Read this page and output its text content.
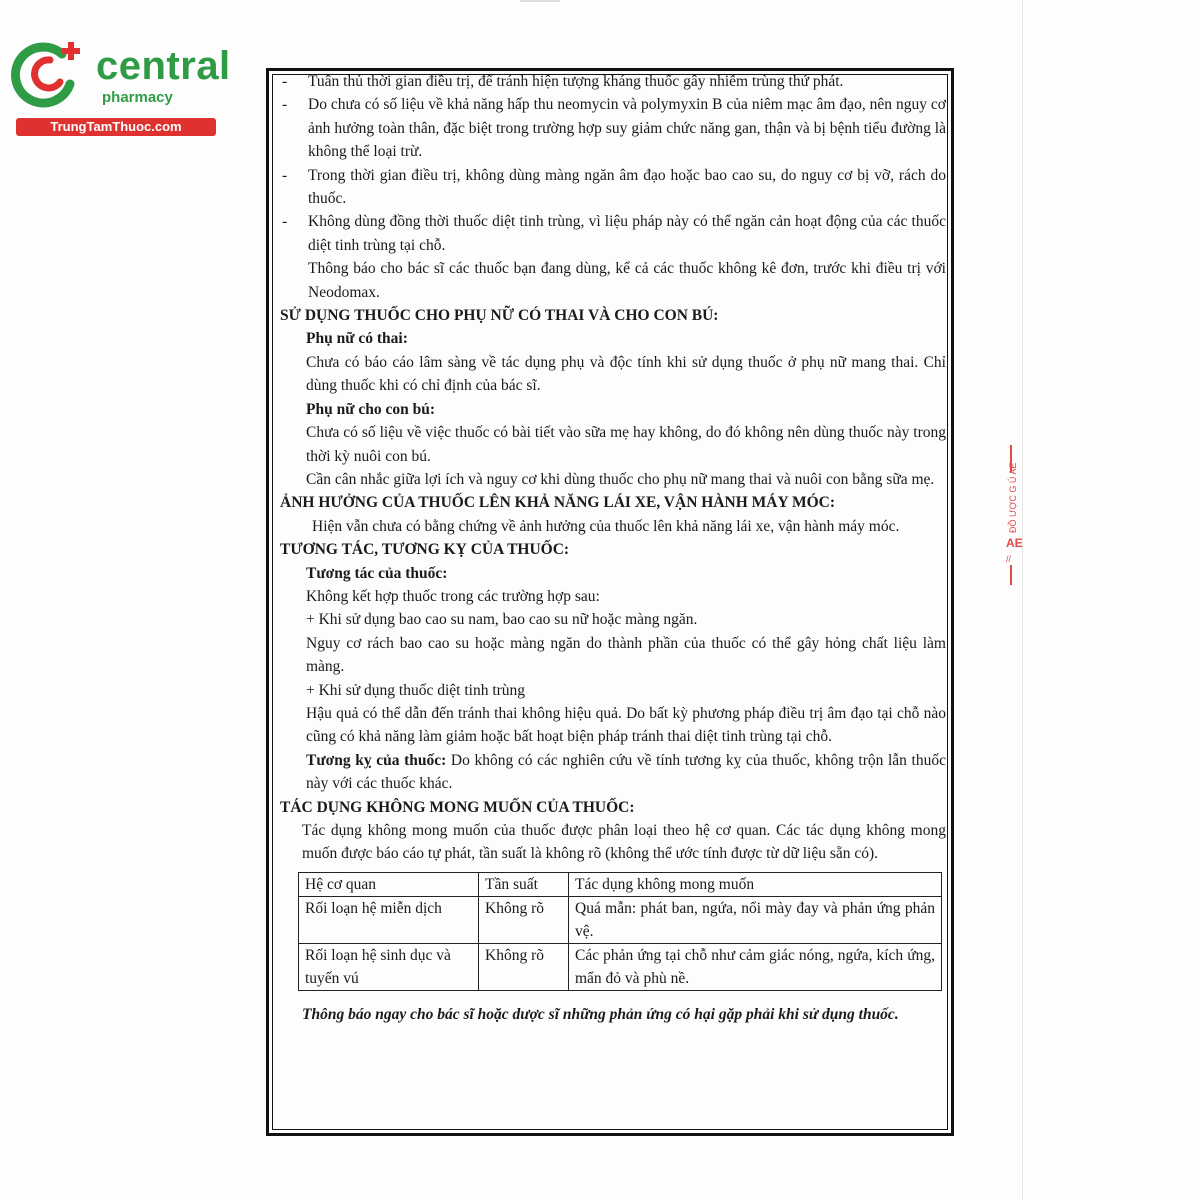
central
pharmacy
TrungTamThuoc.com
ĐỒ ƯỢC G Ú AE
AE
//

- Tuân thủ thời gian điều trị, để tránh hiện tượng kháng thuốc gây nhiễm trùng thứ phát.

- Do chưa có số liệu về khả năng hấp thu neomycin và polymyxin B của niêm mạc âm đạo, nên nguy cơ ảnh hưởng toàn thân, đặc biệt trong trường hợp suy giảm chức năng gan, thận và bị bệnh tiểu đường là không thể loại trừ.

- Trong thời gian điều trị, không dùng màng ngăn âm đạo hoặc bao cao su, do nguy cơ bị vỡ, rách do thuốc.

- Không dùng đồng thời thuốc diệt tinh trùng, vì liệu pháp này có thể ngăn cản hoạt động của các thuốc diệt tinh trùng tại chỗ.

Thông báo cho bác sĩ các thuốc bạn đang dùng, kể cả các thuốc không kê đơn, trước khi điều trị với Neodomax.

SỬ DỤNG THUỐC CHO PHỤ NỮ CÓ THAI VÀ CHO CON BÚ:

Phụ nữ có thai:

Chưa có báo cáo lâm sàng về tác dụng phụ và độc tính khi sử dụng thuốc ở phụ nữ mang thai. Chỉ dùng thuốc khi có chỉ định của bác sĩ.

Phụ nữ cho con bú:

Chưa có số liệu về việc thuốc có bài tiết vào sữa mẹ hay không, do đó không nên dùng thuốc này trong thời kỳ nuôi con bú.

Cần cân nhắc giữa lợi ích và nguy cơ khi dùng thuốc cho phụ nữ mang thai và nuôi con bằng sữa mẹ.

ẢNH HƯỞNG CỦA THUỐC LÊN KHẢ NĂNG LÁI XE, VẬN HÀNH MÁY MÓC:

Hiện vẫn chưa có bằng chứng về ảnh hưởng của thuốc lên khả năng lái xe, vận hành máy móc.

TƯƠNG TÁC, TƯƠNG KỴ CỦA THUỐC:

Tương tác của thuốc:

Không kết hợp thuốc trong các trường hợp sau:

+ Khi sử dụng bao cao su nam, bao cao su nữ hoặc màng ngăn.

Nguy cơ rách bao cao su hoặc màng ngăn do thành phần của thuốc có thể gây hỏng chất liệu làm màng.

+ Khi sử dụng thuốc diệt tinh trùng

Hậu quả có thể dẫn đến tránh thai không hiệu quả. Do bất kỳ phương pháp điều trị âm đạo tại chỗ nào cũng có khả năng làm giảm hoặc bất hoạt biện pháp tránh thai diệt tinh trùng tại chỗ.

Tương kỵ của thuốc: Do không có các nghiên cứu về tính tương kỵ của thuốc, không trộn lẫn thuốc này với các thuốc khác.

TÁC DỤNG KHÔNG MONG MUỐN CỦA THUỐC:

Tác dụng không mong muốn của thuốc được phân loại theo hệ cơ quan. Các tác dụng không mong muốn được báo cáo tự phát, tần suất là không rõ (không thể ước tính được từ dữ liệu sẵn có).

Hệ cơ quan	Tần suất	Tác dụng không mong muốn
Rối loạn hệ miễn dịch	Không rõ	Quá mẫn: phát ban, ngứa, nổi mày đay và phản ứng phản vệ.
Rối loạn hệ sinh dục và tuyến vú	Không rõ	Các phản ứng tại chỗ như cảm giác nóng, ngứa, kích ứng, mẩn đỏ và phù nề.

Thông báo ngay cho bác sĩ hoặc dược sĩ những phản ứng có hại gặp phải khi sử dụng thuốc.
